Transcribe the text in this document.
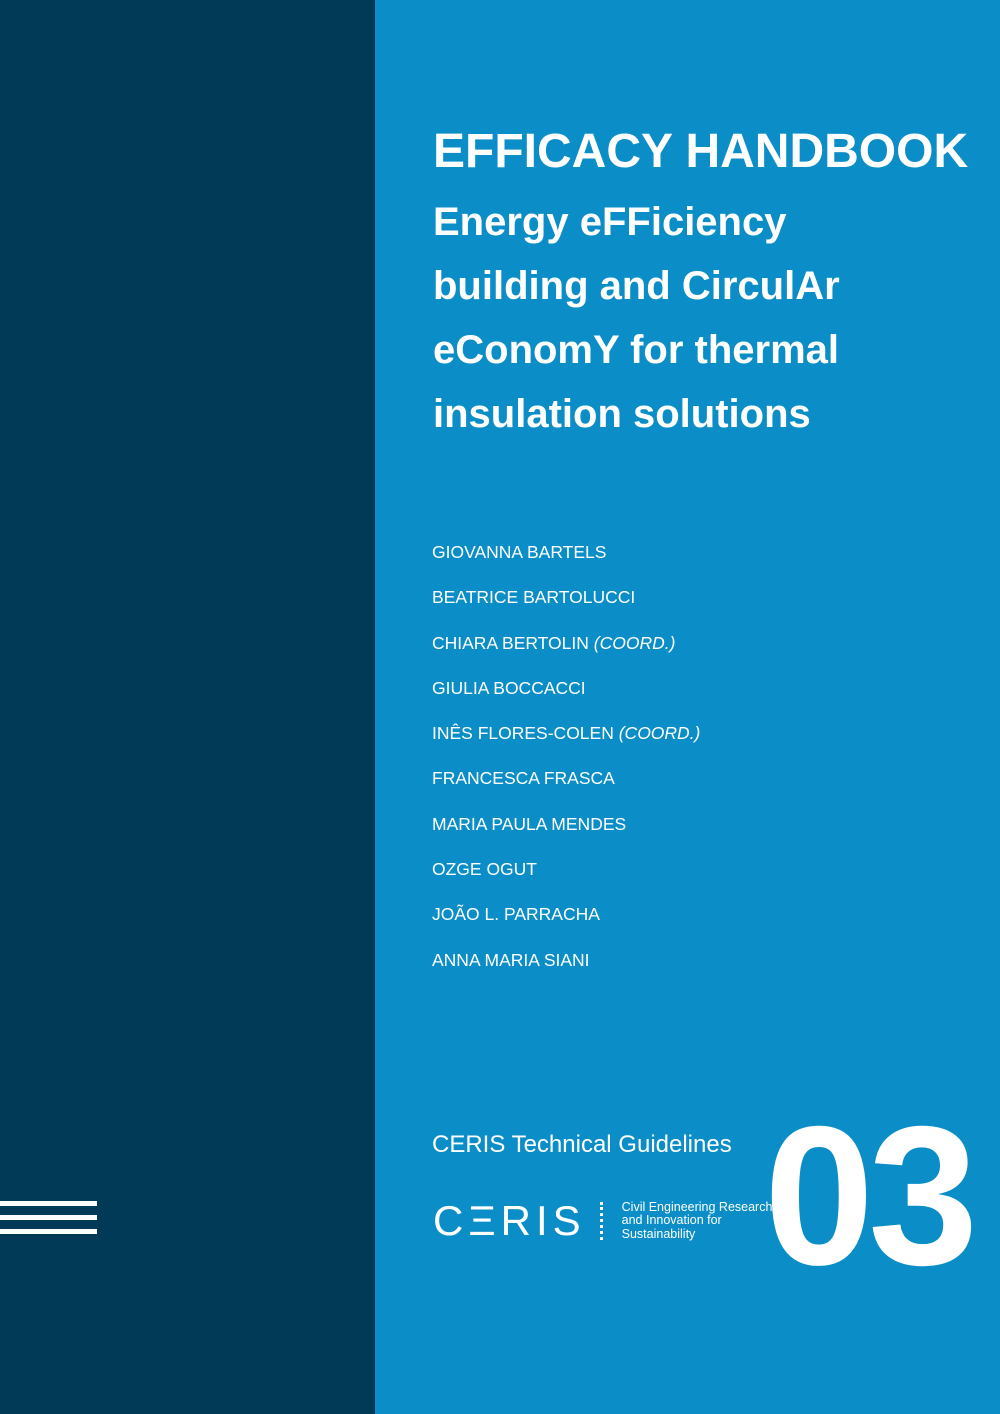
EFFICACY HANDBOOK
Energy eFFiciency
building and CirculAr
eConomY for thermal
insulation solutions
GIOVANNA BARTELS
BEATRICE BARTOLUCCI
CHIARA BERTOLIN (COORD.)
GIULIA BOCCACCI
INÊS FLORES-COLEN (COORD.)
FRANCESCA FRASCA
MARIA PAULA MENDES
OZGE OGUT
JOÃO L. PARRACHA
ANNA MARIA SIANI

CERIS Technical Guidelines

CΞRIS	Civil Engineering Research
and Innovation for
Sustainability 03
